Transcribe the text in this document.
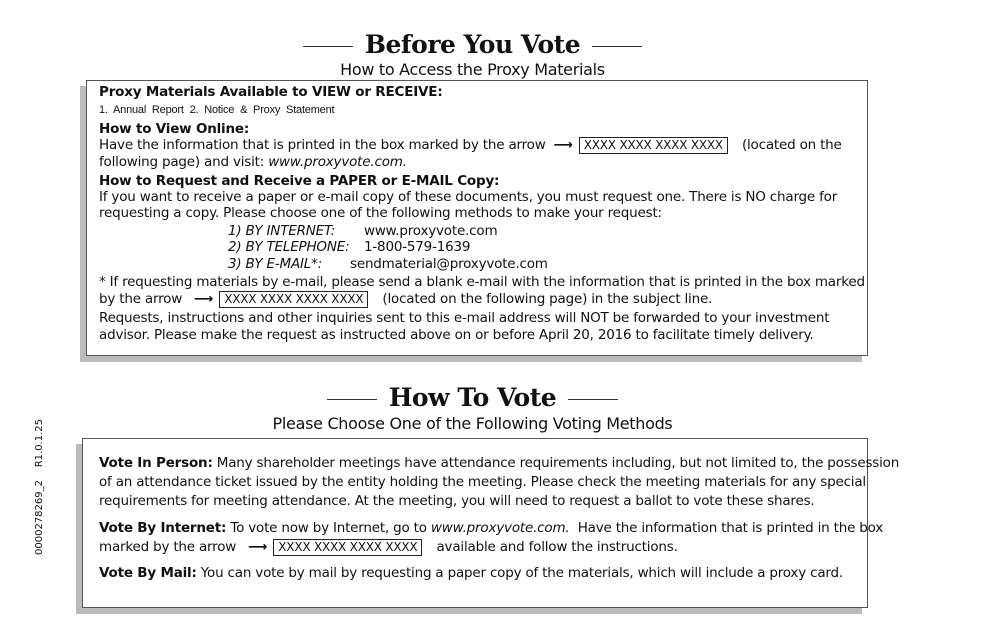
Before You Vote
How to Access the Proxy Materials
Proxy Materials Available to VIEW or RECEIVE:
1. Annual Report 2. Notice & Proxy Statement
How to View Online:
Have the information that is printed in the box marked by the arrow ⟶ XXXX XXXX XXXX XXXX (located on the
following page) and visit: www.proxyvote.com.
How to Request and Receive a PAPER or E-MAIL Copy:
If you want to receive a paper or e-mail copy of these documents, you must request one. There is NO charge for
requesting a copy. Please choose one of the following methods to make your request:
1) BY INTERNET: www.proxyvote.com
2) BY TELEPHONE: 1-800-579-1639
3) BY E-MAIL*: sendmaterial@proxyvote.com
* If requesting materials by e-mail, please send a blank e-mail with the information that is printed in the box marked
by the arrow ⟶ XXXX XXXX XXXX XXXX (located on the following page) in the subject line.
Requests, instructions and other inquiries sent to this e-mail address will NOT be forwarded to your investment
advisor. Please make the request as instructed above on or before April 20, 2016 to facilitate timely delivery.
How To Vote
Please Choose One of the Following Voting Methods
Vote In Person: Many shareholder meetings have attendance requirements including, but not limited to, the possession
of an attendance ticket issued by the entity holding the meeting. Please check the meeting materials for any special
requirements for meeting attendance. At the meeting, you will need to request a ballot to vote these shares.
Vote By Internet: To vote now by Internet, go to www.proxyvote.com. Have the information that is printed in the box
marked by the arrow ⟶ XXXX XXXX XXXX XXXX available and follow the instructions.
Vote By Mail: You can vote by mail by requesting a paper copy of the materials, which will include a proxy card.
0000278269_2    R1.0.1.25
